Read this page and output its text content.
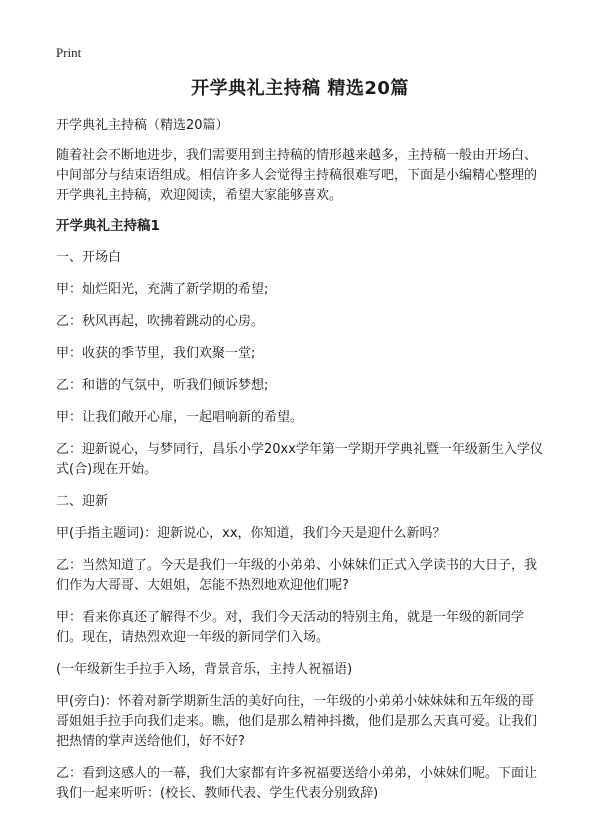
Print
开学典礼主持稿 精选20篇
开学典礼主持稿（精选20篇）
随着社会不断地进步，我们需要用到主持稿的情形越来越多，主持稿一般由开场白、中间部分与结束语组成。相信许多人会觉得主持稿很难写吧，下面是小编精心整理的开学典礼主持稿，欢迎阅读，希望大家能够喜欢。
开学典礼主持稿1
一、开场白
甲：灿烂阳光，充满了新学期的希望;
乙：秋风再起，吹拂着跳动的心房。
甲：收获的季节里，我们欢聚一堂;
乙：和谐的气氛中，听我们倾诉梦想;
甲：让我们敞开心扉，一起唱响新的希望。
乙：迎新说心，与梦同行，昌乐小学20xx学年第一学期开学典礼暨一年级新生入学仪式(合)现在开始。
二、迎新
甲(手指主题词)：迎新说心，xx，你知道，我们今天是迎什么新吗？
乙：当然知道了。今天是我们一年级的小弟弟、小妹妹们正式入学读书的大日子，我们作为大哥哥、大姐姐，怎能不热烈地欢迎他们呢?
甲：看来你真还了解得不少。对，我们今天活动的特别主角，就是一年级的新同学们。现在，请热烈欢迎一年级的新同学们入场。
(一年级新生手拉手入场，背景音乐，主持人祝福语)
甲(旁白)：怀着对新学期新生活的美好向往，一年级的小弟弟小妹妹妹和五年级的哥哥姐姐手拉手向我们走来。瞧，他们是那么精神抖擞，他们是那么天真可爱。让我们把热情的掌声送给他们，好不好?
乙：看到这感人的一幕，我们大家都有许多祝福要送给小弟弟，小妹妹们呢。下面让我们一起来听听：(校长、教师代表、学生代表分别致辞)
